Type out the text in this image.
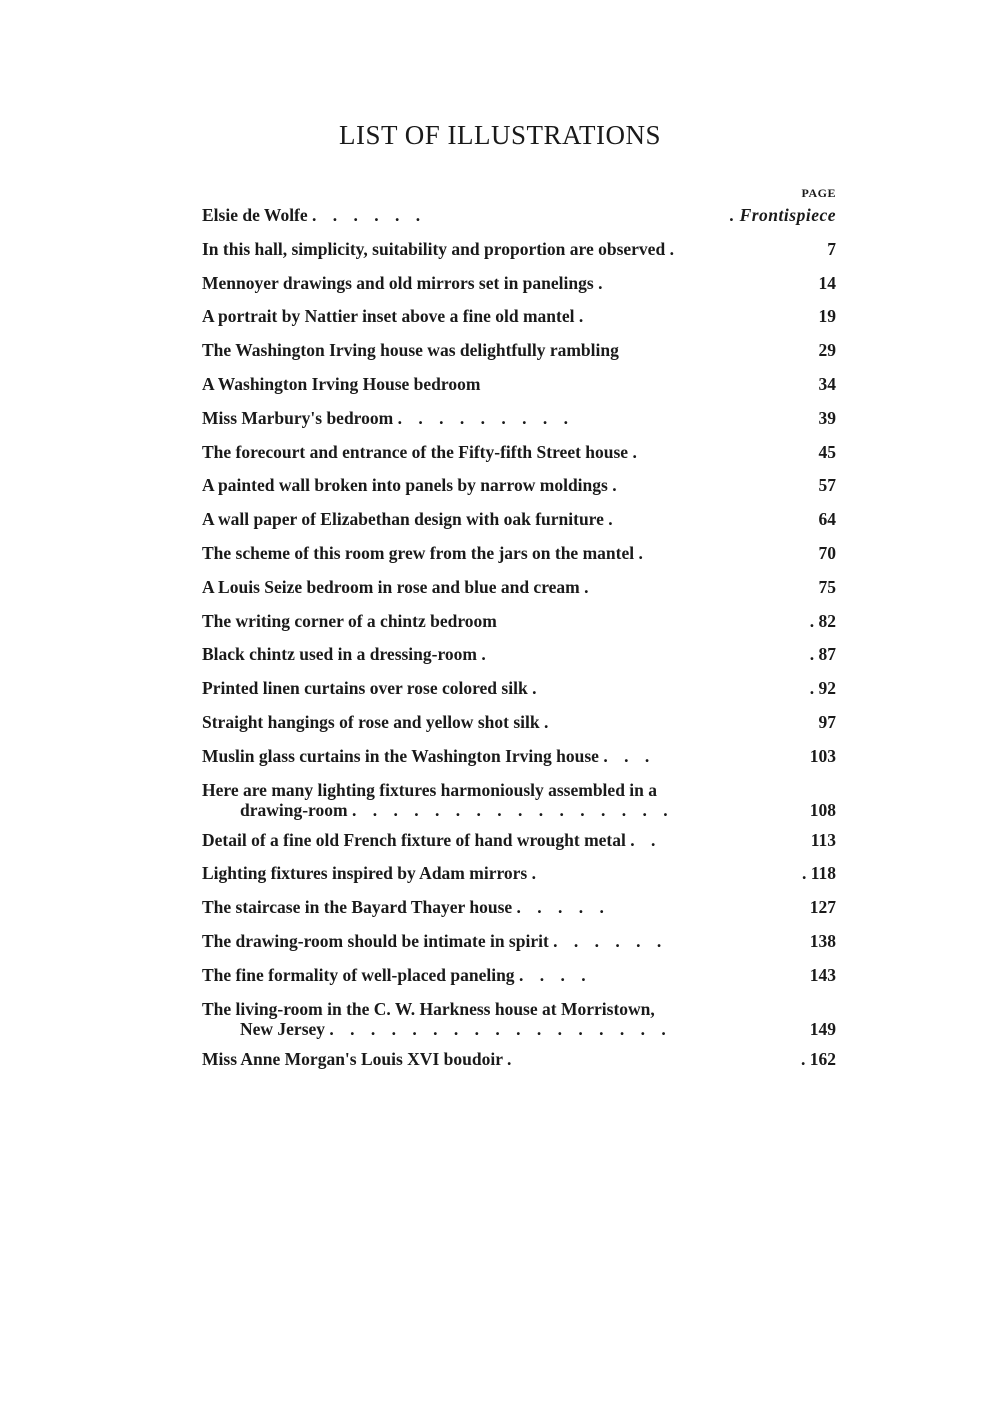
LIST OF ILLUSTRATIONS
PAGE
Elsie de Wolfe . . . . . .	. Frontispiece
In this hall, simplicity, suitability and proportion are observed .	7
Mennoyer drawings and old mirrors set in panelings .	14
A portrait by Nattier inset above a fine old mantel .	19
The Washington Irving house was delightfully rambling	29
A Washington Irving House bedroom	34
Miss Marbury's bedroom . . . . . . . . .	39
The forecourt and entrance of the Fifty-fifth Street house .	45
A painted wall broken into panels by narrow moldings .	57
A wall paper of Elizabethan design with oak furniture .	64
The scheme of this room grew from the jars on the mantel .	70
A Louis Seize bedroom in rose and blue and cream .	75
The writing corner of a chintz bedroom	. 82
Black chintz used in a dressing-room .	. 87
Printed linen curtains over rose colored silk .	. 92
Straight hangings of rose and yellow shot silk .	97
Muslin glass curtains in the Washington Irving house . . .	103
Here are many lighting fixtures harmoniously assembled in a
drawing-room . . . . . . . . . . . . . . . .	108
Detail of a fine old French fixture of hand wrought metal . .	113
Lighting fixtures inspired by Adam mirrors .	. 118
The staircase in the Bayard Thayer house . . . . .	127
The drawing-room should be intimate in spirit . . . . . .	138
The fine formality of well-placed paneling . . . .	143
The living-room in the C. W. Harkness house at Morristown,
New Jersey . . . . . . . . . . . . . . . . .	149
Miss Anne Morgan's Louis XVI boudoir .	. 162
